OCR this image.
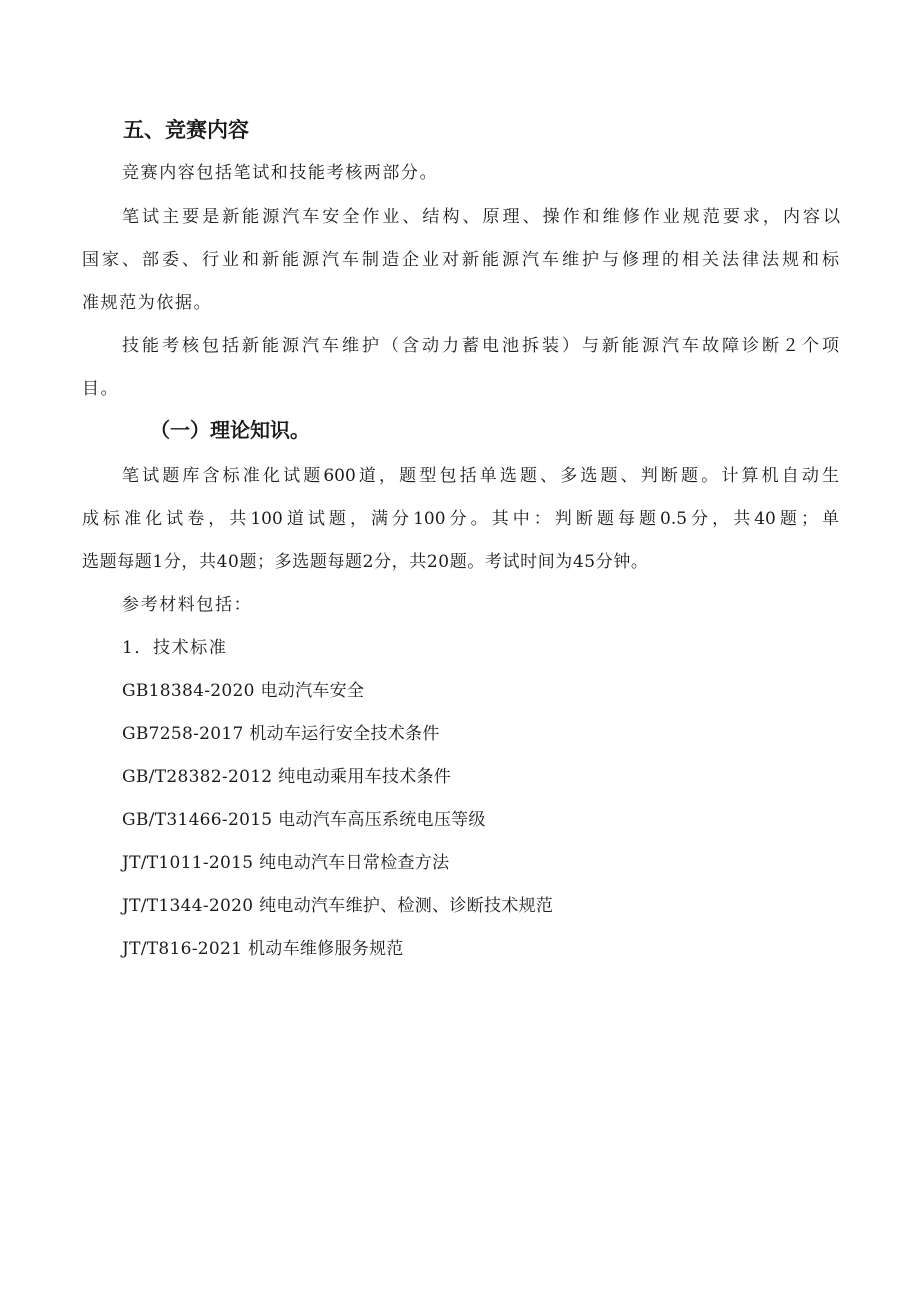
五、竞赛内容
竞赛内容包括笔试和技能考核两部分。
笔试主要是新能源汽车安全作业、结构、原理、操作和维修作业规范要求，内容以
国家、部委、行业和新能源汽车制造企业对新能源汽车维护与修理的相关法律法规和标
准规范为依据。
技能考核包括新能源汽车维护（含动力蓄电池拆装）与新能源汽车故障诊断２个项
目。
（一）理论知识。
笔试题库含标准化试题600道，题型包括单选题、多选题、判断题。计算机自动生
成标准化试卷，共100道试题，满分100分。其中：判断题每题0.5分，共40题；单
选题每题1分，共40题；多选题每题2分，共20题。考试时间为45分钟。
参考材料包括：
1．技术标准
GB18384-2020 电动汽车安全
GB7258-2017 机动车运行安全技术条件
GB/T28382-2012 纯电动乘用车技术条件
GB/T31466-2015 电动汽车高压系统电压等级
JT/T1011-2015 纯电动汽车日常检查方法
JT/T1344-2020 纯电动汽车维护、检测、诊断技术规范
JT/T816-2021 机动车维修服务规范
